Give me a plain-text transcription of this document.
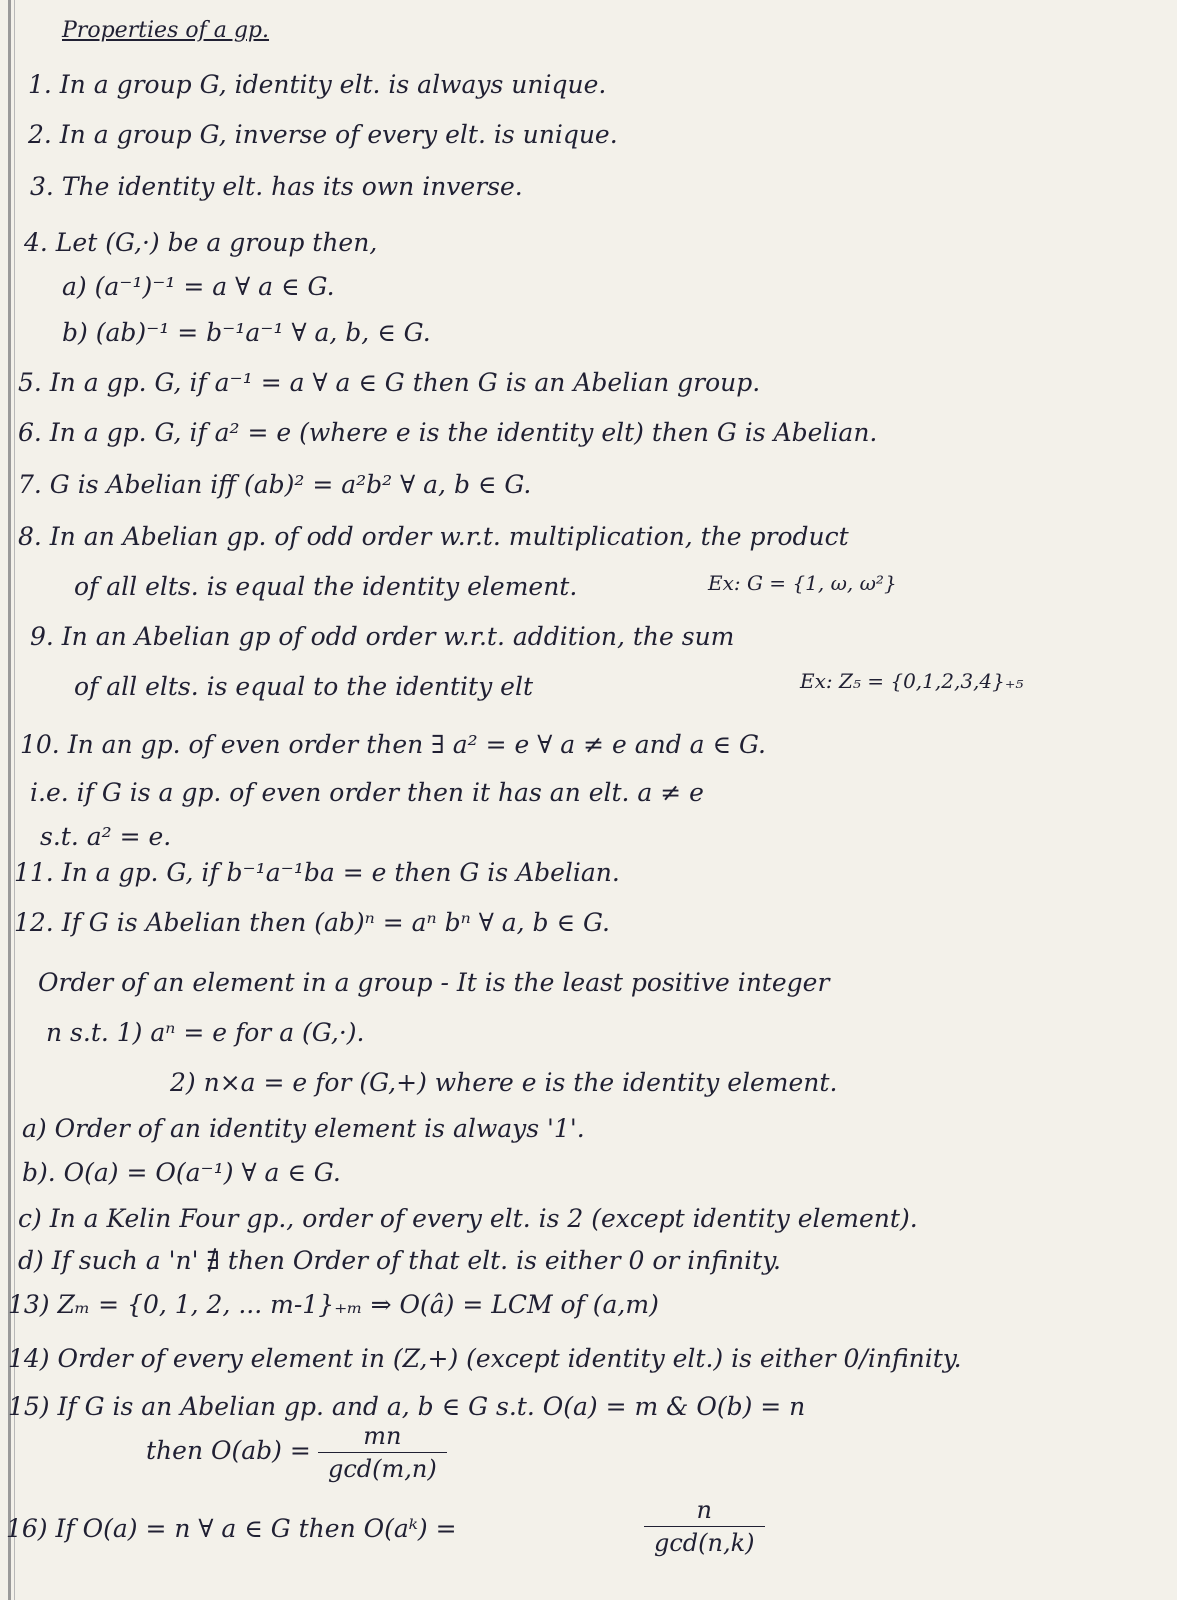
Properties of a gp.
1. In a group G, identity elt. is always unique.
2. In a group G, inverse of every elt. is unique.
3. The identity elt. has its own inverse.
4. Let (G,·) be a group then,
a) (a⁻¹)⁻¹ = a ∀ a ∈ G.
b) (ab)⁻¹ = b⁻¹a⁻¹ ∀ a, b, ∈ G.
5. In a gp. G, if a⁻¹ = a ∀ a ∈ G then G is an Abelian group.
6. In a gp. G, if a² = e (where e is the identity elt) then G is Abelian.
7. G is Abelian iff (ab)² = a²b² ∀ a, b ∈ G.
8. In an Abelian gp. of odd order w.r.t. multiplication, the product
of all elts. is equal the identity element.	Ex: G = {1, ω, ω²}
9. In an Abelian gp of odd order w.r.t. addition, the sum
of all elts. is equal to the identity elt	Ex: Z₅ = {0,1,2,3,4}₊₅
10. In an gp. of even order then ∃ a² = e ∀ a ≠ e and a ∈ G.
i.e. if G is a gp. of even order then it has an elt. a ≠ e
s.t. a² = e.
11. In a gp. G, if b⁻¹a⁻¹ba = e then G is Abelian.
12. If G is Abelian then (ab)ⁿ = aⁿ bⁿ ∀ a, b ∈ G.
Order of an element in a group - It is the least positive integer
n s.t. 1) aⁿ = e for a (G,·).
2) n×a = e for (G,+) where e is the identity element.
a) Order of an identity element is always '1'.
b). O(a) = O(a⁻¹) ∀ a ∈ G.
c) In a Kelin Four gp., order of every elt. is 2 (except identity element).
d) If such a 'n' ∄ then Order of that elt. is either 0 or infinity.
13) Zₘ = {0, 1, 2, ... m-1}₊ₘ ⇒ O(â) = LCM of (a,m)
14) Order of every element in (Z,+) (except identity elt.) is either 0/infinity.
15) If G is an Abelian gp. and a, b ∈ G s.t. O(a) = m & O(b) = n
then O(ab) =	mn
gcd(m,n)
16) If O(a) = n ∀ a ∈ G then O(aᵏ) =
n
gcd(n,k)
